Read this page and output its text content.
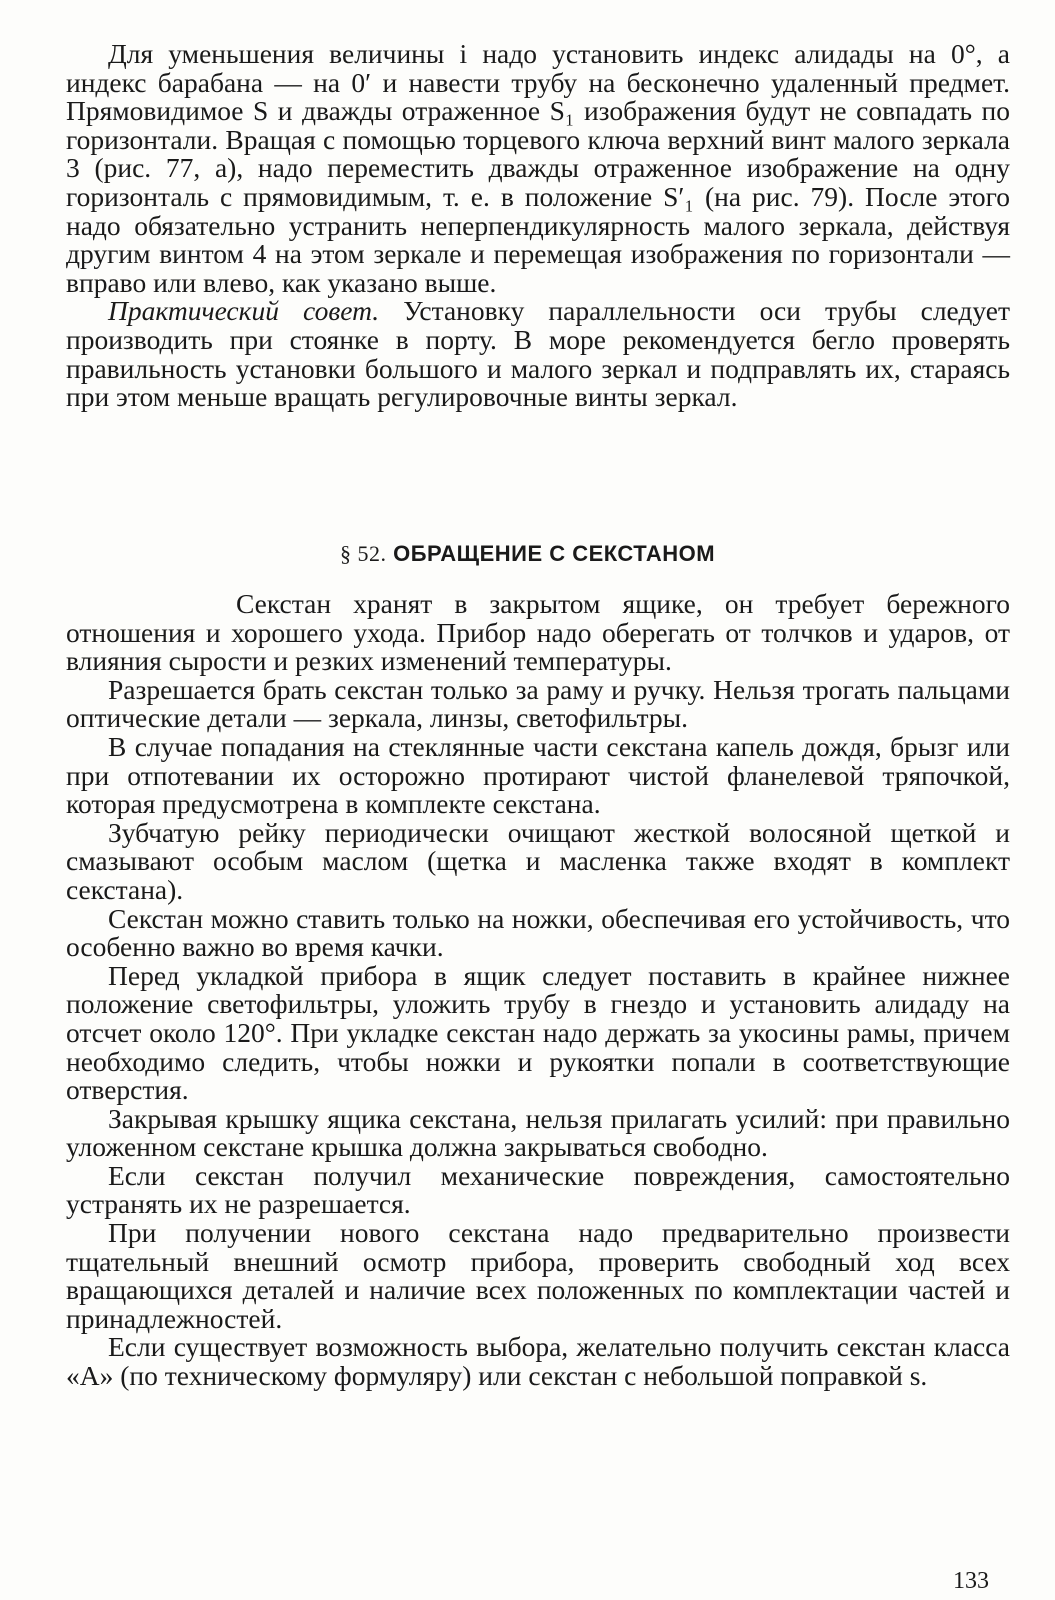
Для уменьшения величины i надо установить индекс алидады на 0°, а индекс барабана — на 0′ и навести трубу на бесконечно удаленный предмет. Прямовидимое S и дважды отраженное S₁ изображения будут не совпадать по горизонтали. Вращая с помощью торцевого ключа верхний винт малого зеркала 3 (рис. 77, а), надо переместить дважды отраженное изображение на одну горизонталь с прямовидимым, т. е. в положение S′₁ (на рис. 79). После этого надо обязательно устранить неперпендикулярность малого зеркала, действуя другим винтом 4 на этом зеркале и перемещая изображения по горизонтали — вправо или влево, как указано выше.

Практический совет. Установку параллельности оси трубы следует производить при стоянке в порту. В море рекомендуется бегло проверять правильность установки большого и малого зеркал и подправлять их, стараясь при этом меньше вращать регулировочные винты зеркал.

§ 52. ОБРАЩЕНИЕ С СЕКСТАНОМ

Секстан хранят в закрытом ящике, он требует бережного отношения и хорошего ухода. Прибор надо оберегать от толчков и ударов, от влияния сырости и резких изменений температуры.

Разрешается брать секстан только за раму и ручку. Нельзя трогать пальцами оптические детали — зеркала, линзы, светофильтры.

В случае попадания на стеклянные части секстана капель дождя, брызг или при отпотевании их осторожно протирают чистой фланелевой тряпочкой, которая предусмотрена в комплекте секстана.

Зубчатую рейку периодически очищают жесткой волосяной щеткой и смазывают особым маслом (щетка и масленка также входят в комплект секстана).

Секстан можно ставить только на ножки, обеспечивая его устойчивость, что особенно важно во время качки.

Перед укладкой прибора в ящик следует поставить в крайнее нижнее положение светофильтры, уложить трубу в гнездо и установить алидаду на отсчет около 120°. При укладке секстан надо держать за укосины рамы, причем необходимо следить, чтобы ножки и рукоятки попали в соответствующие отверстия.

Закрывая крышку ящика секстана, нельзя прилагать усилий: при правильно уложенном секстане крышка должна закрываться свободно.

Если секстан получил механические повреждения, самостоятельно устранять их не разрешается.

При получении нового секстана надо предварительно произвести тщательный внешний осмотр прибора, проверить свободный ход всех вращающихся деталей и наличие всех положенных по комплектации частей и принадлежностей.

Если существует возможность выбора, желательно получить секстан класса «А» (по техническому формуляру) или секстан с небольшой поправкой s.

133
